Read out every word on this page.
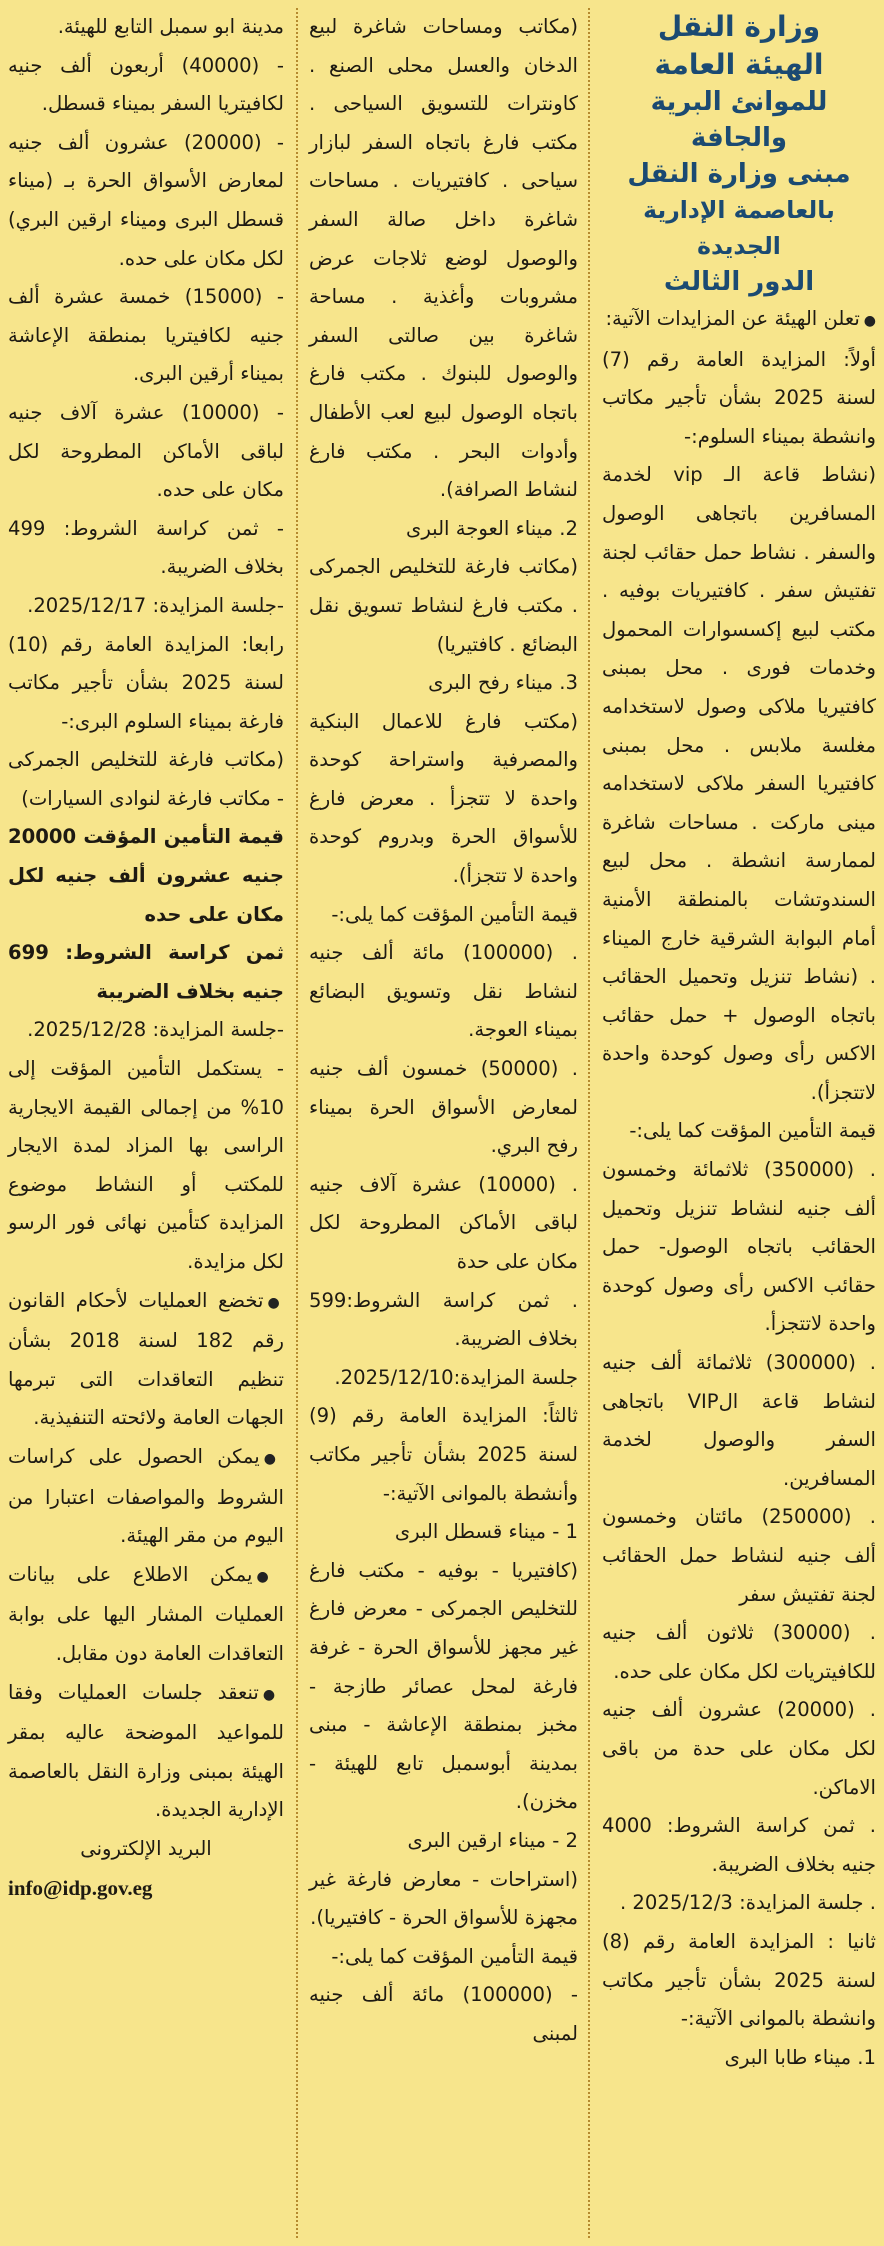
وزارة النقل

الهيئة العامة

للموانئ البرية والجافة

مبنى وزارة النقل

بالعاصمة الإدارية الجديدة

الدور الثالث

● تعلن الهيئة عن المزايدات الآتية:

أولاً: المزايدة العامة رقم (7) لسنة 2025 بشأن تأجير مكاتب وانشطة بميناء السلوم:-

(نشاط قاعة الـ vip لخدمة المسافرين باتجاهى الوصول والسفر . نشاط حمل حقائب لجنة تفتيش سفر . كافتيريات بوفيه . مكتب لبيع إكسسوارات المحمول وخدمات فورى . محل بمبنى كافتيريا ملاكى وصول لاستخدامه مغلسة ملابس . محل بمبنى كافتيريا السفر ملاكى لاستخدامه مينى ماركت . مساحات شاغرة لممارسة انشطة . محل لبيع السندوتشات بالمنطقة الأمنية أمام البوابة الشرقية خارج الميناء . (نشاط تنزيل وتحميل الحقائب باتجاه الوصول + حمل حقائب الاكس رأى وصول كوحدة واحدة لاتتجزأ).

قيمة التأمين المؤقت كما يلى:-

. (350000) ثلاثمائة وخمسون ألف جنيه لنشاط تنزيل وتحميل الحقائب باتجاه الوصول- حمل حقائب الاكس رأى وصول كوحدة واحدة لاتتجزأ.

. (300000) ثلاثمائة ألف جنيه لنشاط قاعة الVIP باتجاهى السفر والوصول لخدمة المسافرين.

. (250000) مائتان وخمسون ألف جنيه لنشاط حمل الحقائب لجنة تفتيش سفر

. (30000) ثلاثون ألف جنيه للكافيتريات لكل مكان على حده.

. (20000) عشرون ألف جنيه لكل مكان على حدة من باقى الاماكن.

. ثمن كراسة الشروط: 4000 جنيه بخلاف الضريبة.

. جلسة المزايدة: 2025/12/3 .

ثانيا : المزايدة العامة رقم (8) لسنة 2025 بشأن تأجير مكاتب وانشطة بالموانى الآتية:-

1. ميناء طابا البرى

(مكاتب ومساحات شاغرة لبيع الدخان والعسل محلى الصنع . كاونترات للتسويق السياحى . مكتب فارغ باتجاه السفر لبازار سياحى . كافتيريات . مساحات شاغرة داخل صالة السفر والوصول لوضع ثلاجات عرض مشروبات وأغذية . مساحة شاغرة بين صالتى السفر والوصول للبنوك . مكتب فارغ باتجاه الوصول لبيع لعب الأطفال وأدوات البحر . مكتب فارغ لنشاط الصرافة).

2. ميناء العوجة البرى

(مكاتب فارغة للتخليص الجمركى . مكتب فارغ لنشاط تسويق نقل البضائع . كافتيريا)

3. ميناء رفح البرى

(مكتب فارغ للاعمال البنكية والمصرفية واستراحة كوحدة واحدة لا تتجزأ . معرض فارغ للأسواق الحرة وبدروم كوحدة واحدة لا تتجزأ).

قيمة التأمين المؤقت كما يلى:-

. (100000) مائة ألف جنيه لنشاط نقل وتسويق البضائع بميناء العوجة.

. (50000) خمسون ألف جنيه لمعارض الأسواق الحرة بميناء رفح البري.

. (10000) عشرة آلاف جنيه لباقى الأماكن المطروحة لكل مكان على حدة

. ثمن كراسة الشروط:599 بخلاف الضريبة.

جلسة المزايدة:2025/12/10.

ثالثاً: المزايدة العامة رقم (9) لسنة 2025 بشأن تأجير مكاتب وأنشطة بالموانى الآتية:-

1 - ميناء قسطل البرى

(كافتيريا - بوفيه - مكتب فارغ للتخليص الجمركى - معرض فارغ غير مجهز للأسواق الحرة - غرفة فارغة لمحل عصائر طازجة - مخبز بمنطقة الإعاشة - مبنى بمدينة أبوسمبل تابع للهيئة - مخزن).

2 - ميناء ارقين البرى

(استراحات - معارض فارغة غير مجهزة للأسواق الحرة - كافتيريا).

قيمة التأمين المؤقت كما يلى:-

- (100000) مائة ألف جنيه لمبنى

مدينة ابو سمبل التابع للهيئة.

- (40000) أربعون ألف جنيه لكافيتريا السفر بميناء قسطل.

- (20000) عشرون ألف جنيه لمعارض الأسواق الحرة بـ (ميناء قسطل البرى وميناء ارقين البري) لكل مكان على حده.

- (15000) خمسة عشرة ألف جنيه لكافيتريا بمنطقة الإعاشة بميناء أرقين البرى.

- (10000) عشرة آلاف جنيه لباقى الأماكن المطروحة لكل مكان على حده.

- ثمن كراسة الشروط: 499 بخلاف الضريبة.

-جلسة المزايدة: 2025/12/17.

رابعا: المزايدة العامة رقم (10) لسنة 2025 بشأن تأجير مكاتب فارغة بميناء السلوم البرى:-

(مكاتب فارغة للتخليص الجمركى - مكاتب فارغة لنوادى السيارات)

قيمة التأمين المؤقت 20000 جنيه عشرون ألف جنيه لكل مكان على حده

ثمن كراسة الشروط: 699 جنيه بخلاف الضريبة

-جلسة المزايدة: 2025/12/28.

- يستكمل التأمين المؤقت إلى 10% من إجمالى القيمة الايجارية الراسى بها المزاد لمدة الايجار للمكتب أو النشاط موضوع المزايدة كتأمين نهائى فور الرسو لكل مزايدة.

● تخضع العمليات لأحكام القانون رقم 182 لسنة 2018 بشأن تنظيم التعاقدات التى تبرمها الجهات العامة ولائحته التنفيذية.

● يمكن الحصول على كراسات الشروط والمواصفات اعتبارا من اليوم من مقر الهيئة.

● يمكن الاطلاع على بيانات العمليات المشار اليها على بوابة التعاقدات العامة دون مقابل.

● تنعقد جلسات العمليات وفقا للمواعيد الموضحة عاليه بمقر الهيئة بمبنى وزارة النقل بالعاصمة الإدارية الجديدة.

البريد الإلكترونى

info@idp.gov.eg
